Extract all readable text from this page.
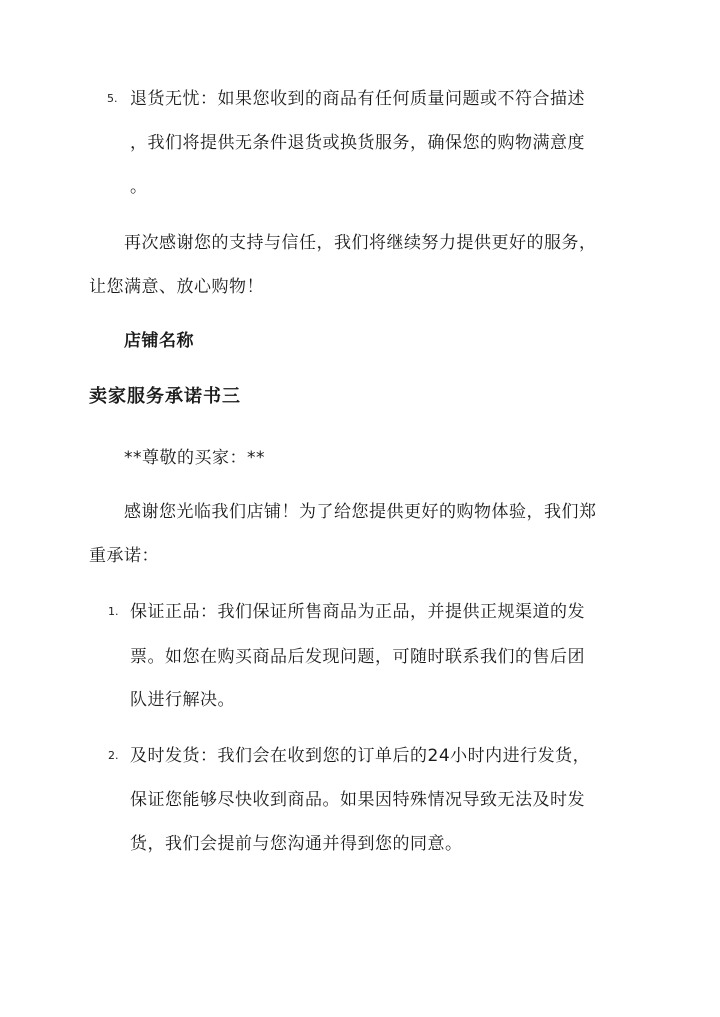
5. 退货无忧：如果您收到的商品有任何质量问题或不符合描述
，我们将提供无条件退货或换货服务，确保您的购物满意度
。
再次感谢您的支持与信任，我们将继续努力提供更好的服务，
让您满意、放心购物！
店铺名称
卖家服务承诺书三
**尊敬的买家：**
感谢您光临我们店铺！为了给您提供更好的购物体验，我们郑
重承诺：
1. 保证正品：我们保证所售商品为正品，并提供正规渠道的发
票。如您在购买商品后发现问题，可随时联系我们的售后团
队进行解决。
2. 及时发货：我们会在收到您的订单后的24小时内进行发货，
保证您能够尽快收到商品。如果因特殊情况导致无法及时发
货，我们会提前与您沟通并得到您的同意。
